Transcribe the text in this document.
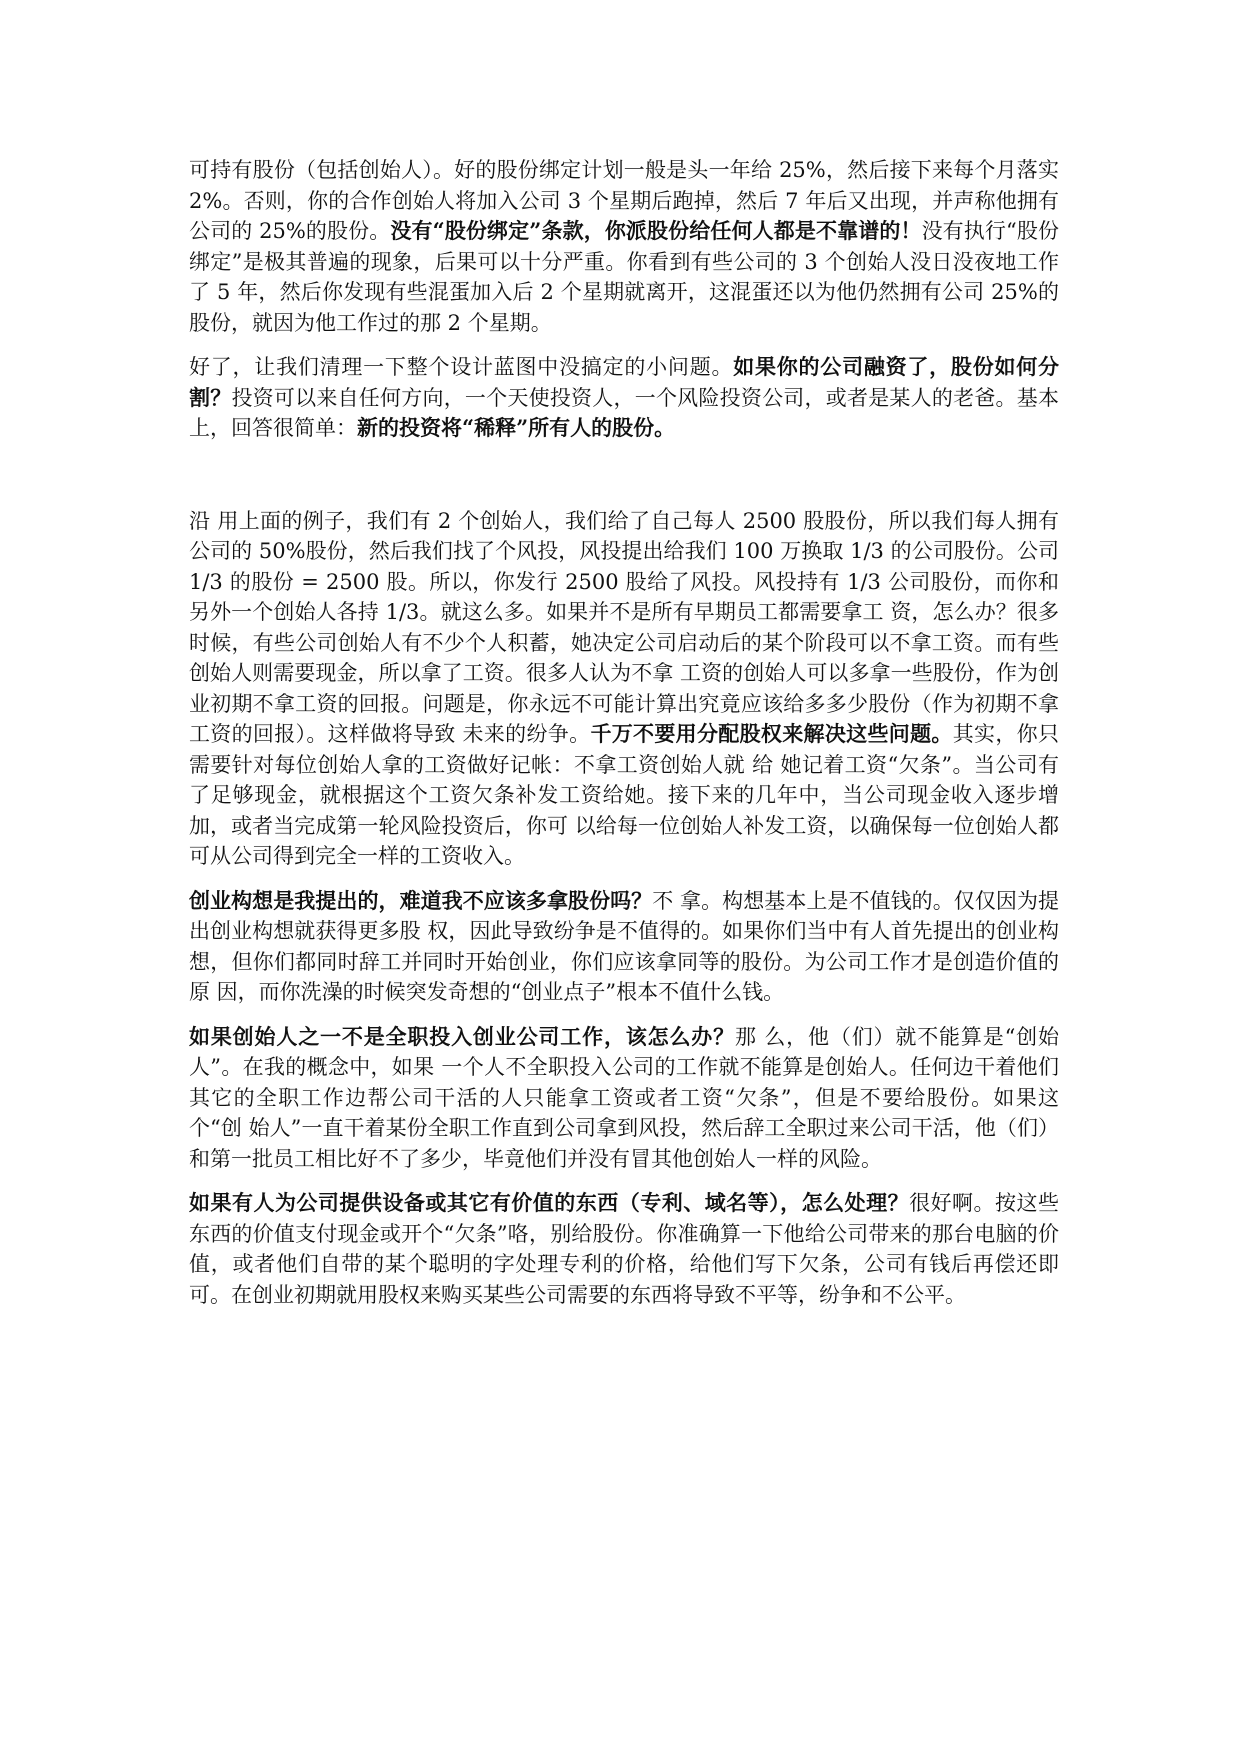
可持有股份（包括创始人）。好的股份绑定计划一般是头一年给 25%，然后接下来每个月落实 2%。否则，你的合作创始人将加入公司 3 个星期后跑掉，然后 7 年后又出现，并声称他拥有公司的 25%的股份。没有“股份绑定”条款，你派股份给任何人都是不靠谱的！没有执行“股份绑定”是极其普遍的现象，后果可以十分严重。你看到有些公司的 3 个创始人没日没夜地工作了 5 年，然后你发现有些混蛋加入后 2 个星期就离开，这混蛋还以为他仍然拥有公司 25%的股份，就因为他工作过的那 2 个星期。

好了，让我们清理一下整个设计蓝图中没搞定的小问题。如果你的公司融资了，股份如何分割？投资可以来自任何方向，一个天使投资人，一个风险投资公司，或者是某人的老爸。基本上，回答很简单：新的投资将“稀释”所有人的股份。

沿 用上面的例子，我们有 2 个创始人，我们给了自己每人 2500 股股份，所以我们每人拥有公司的 50%股份，然后我们找了个风投，风投提出给我们 100 万换取 1/3 的公司股份。公司 1/3 的股份 = 2500 股。所以，你发行 2500 股给了风投。风投持有 1/3 公司股份，而你和另外一个创始人各持 1/3。就这么多。如果并不是所有早期员工都需要拿工 资，怎么办？很多时候，有些公司创始人有不少个人积蓄，她决定公司启动后的某个阶段可以不拿工资。而有些创始人则需要现金，所以拿了工资。很多人认为不拿 工资的创始人可以多拿一些股份，作为创业初期不拿工资的回报。问题是，你永远不可能计算出究竟应该给多多少股份（作为初期不拿工资的回报）。这样做将导致 未来的纷争。千万不要用分配股权来解决这些问题。其实，你只需要针对每位创始人拿的工资做好记帐：不拿工资创始人就 给 她记着工资“欠条”。当公司有了足够现金，就根据这个工资欠条补发工资给她。接下来的几年中，当公司现金收入逐步增加，或者当完成第一轮风险投资后，你可 以给每一位创始人补发工资，以确保每一位创始人都可从公司得到完全一样的工资收入。

创业构想是我提出的，难道我不应该多拿股份吗？不 拿。构想基本上是不值钱的。仅仅因为提出创业构想就获得更多股 权，因此导致纷争是不值得的。如果你们当中有人首先提出的创业构想，但你们都同时辞工并同时开始创业，你们应该拿同等的股份。为公司工作才是创造价值的原 因，而你洗澡的时候突发奇想的“创业点子”根本不值什么钱。

如果创始人之一不是全职投入创业公司工作，该怎么办？那 么，他（们）就不能算是“创始人”。在我的概念中，如果 一个人不全职投入公司的工作就不能算是创始人。任何边干着他们其它的全职工作边帮公司干活的人只能拿工资或者工资“欠条”，但是不要给股份。如果这个“创 始人”一直干着某份全职工作直到公司拿到风投，然后辞工全职过来公司干活，他（们）和第一批员工相比好不了多少，毕竟他们并没有冒其他创始人一样的风险。

如果有人为公司提供设备或其它有价值的东西（专利、域名等），怎么处理？很好啊。按这些东西的价值支付现金或开个“欠条”咯，别给股份。你准确算一下他给公司带来的那台电脑的价值，或者他们自带的某个聪明的字处理专利的价格，给他们写下欠条，公司有钱后再偿还即可。在创业初期就用股权来购买某些公司需要的东西将导致不平等，纷争和不公平。
